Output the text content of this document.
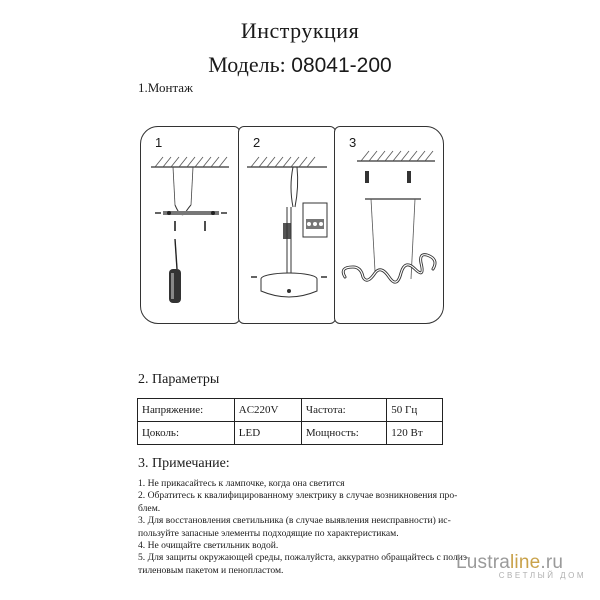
Инструкция
Модель: 08041-200
1.Монтаж
1	2	3
2. Параметры
Напряжение:	AC220V	Частота:	50 Гц
Цоколь:	LED	Мощность:	120 Вт
3. Примечание:
1. Не прикасайтесь к лампочке, когда она светится
2. Обратитесь к квалифицированному электрику в случае возникновения про-
блем.
3. Для восстановления светильника (в случае выявления неисправности) ис-
пользуйте запасные элементы подходящие по характеристикам.
4. Не очищайте светильник водой.
5. Для защиты окружающей среды, пожалуйста, аккуратно обращайтесь с полиэ-
тиленовым пакетом и пенопластом.	Lustraline.ru
СВЕТЛЫЙ ДОМ
